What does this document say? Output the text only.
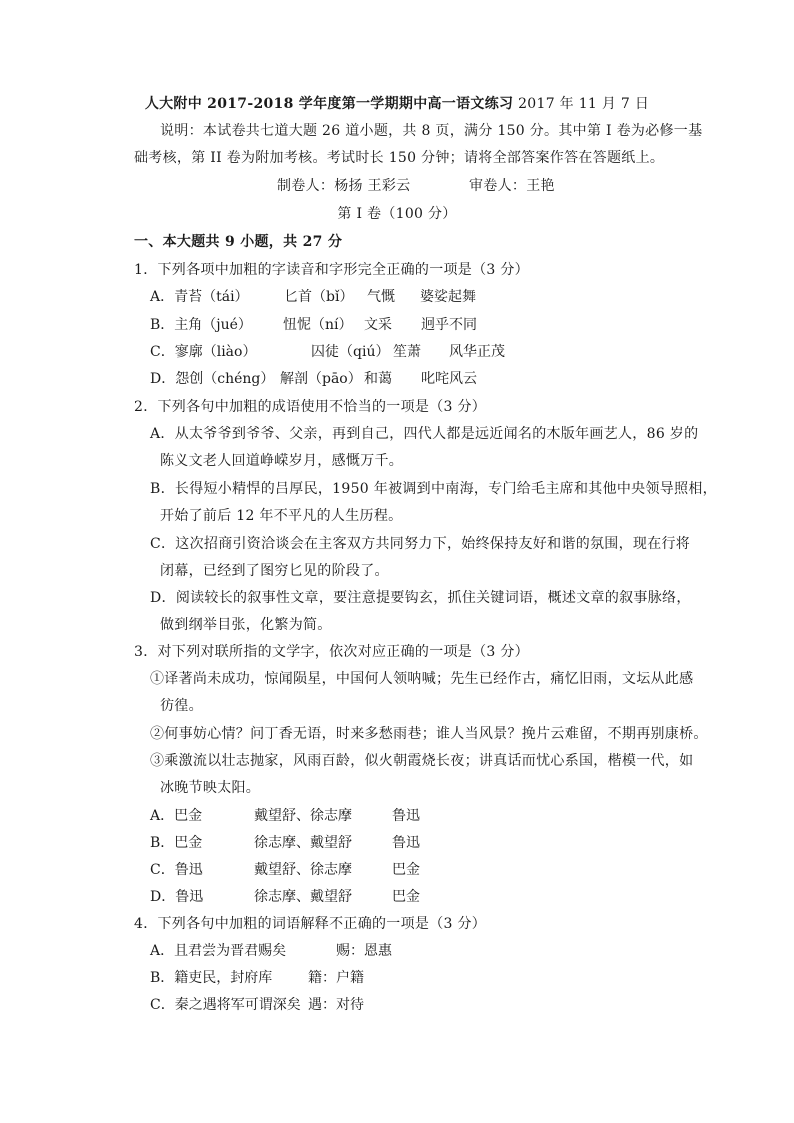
人大附中 2017-2018 学年度第一学期期中高一语文练习 2017 年 11 月 7 日
说明：本试卷共七道大题 26 道小题，共 8 页，满分 150 分。其中第 I 卷为必修一基
础考核，第 II 卷为附加考核。考试时长 150 分钟；请将全部答案作答在答题纸上。
制卷人：杨扬 王彩云	审卷人：王艳
第 I 卷（100 分）
一、本大题共 9 小题，共 27 分
1．下列各项中加粗的字读音和字形完全正确的一项是（3 分）
A．青苔（tái）	匕首（bǐ） 气慨 婆娑起舞
B．主角（jué） 忸怩（ní） 文采 迥乎不同
C．寥廓（liào）	囚徒（qiú） 笙萧 风华正茂
D．怨创（chéng） 解剖（pāo） 和蔼 叱咤风云
2．下列各句中加粗的成语使用不恰当的一项是（3 分）
A．从太爷爷到爷爷、父亲，再到自己，四代人都是远近闻名的木版年画艺人，86 岁的
陈义文老人回道峥嵘岁月，感慨万千。
B．长得短小精悍的吕厚民，1950 年被调到中南海，专门给毛主席和其他中央领导照相，
开始了前后 12 年不平凡的人生历程。
C．这次招商引资洽谈会在主客双方共同努力下，始终保持友好和谐的氛围，现在行将
闭幕，已经到了图穷匕见的阶段了。
D．阅读较长的叙事性文章，要注意提要钩玄，抓住关键词语，概述文章的叙事脉络，
做到纲举目张，化繁为简。
3．对下列对联所指的文学字，依次对应正确的一项是（3 分）
①译著尚未成功，惊闻陨星，中国何人领呐喊；先生已经作古，痛忆旧雨，文坛从此感
彷徨。
②何事妨心情？问丁香无语，时来多愁雨巷；谁人当风景？挽片云难留，不期再别康桥。
③乘激流以壮志抛家，风雨百龄，似火朝霞烧长夜；讲真话而忧心系国，楷模一代，如
冰晚节映太阳。
A．巴金	戴望舒、徐志摩	鲁迅
B．巴金	徐志摩、戴望舒	鲁迅
C．鲁迅	戴望舒、徐志摩	巴金
D．鲁迅	徐志摩、戴望舒	巴金
4．下列各句中加粗的词语解释不正确的一项是（3 分）
A．且君尝为晋君赐矣	赐：恩惠
B．籍吏民，封府库	籍：户籍
C．秦之遇将军可谓深矣 遇：对待
